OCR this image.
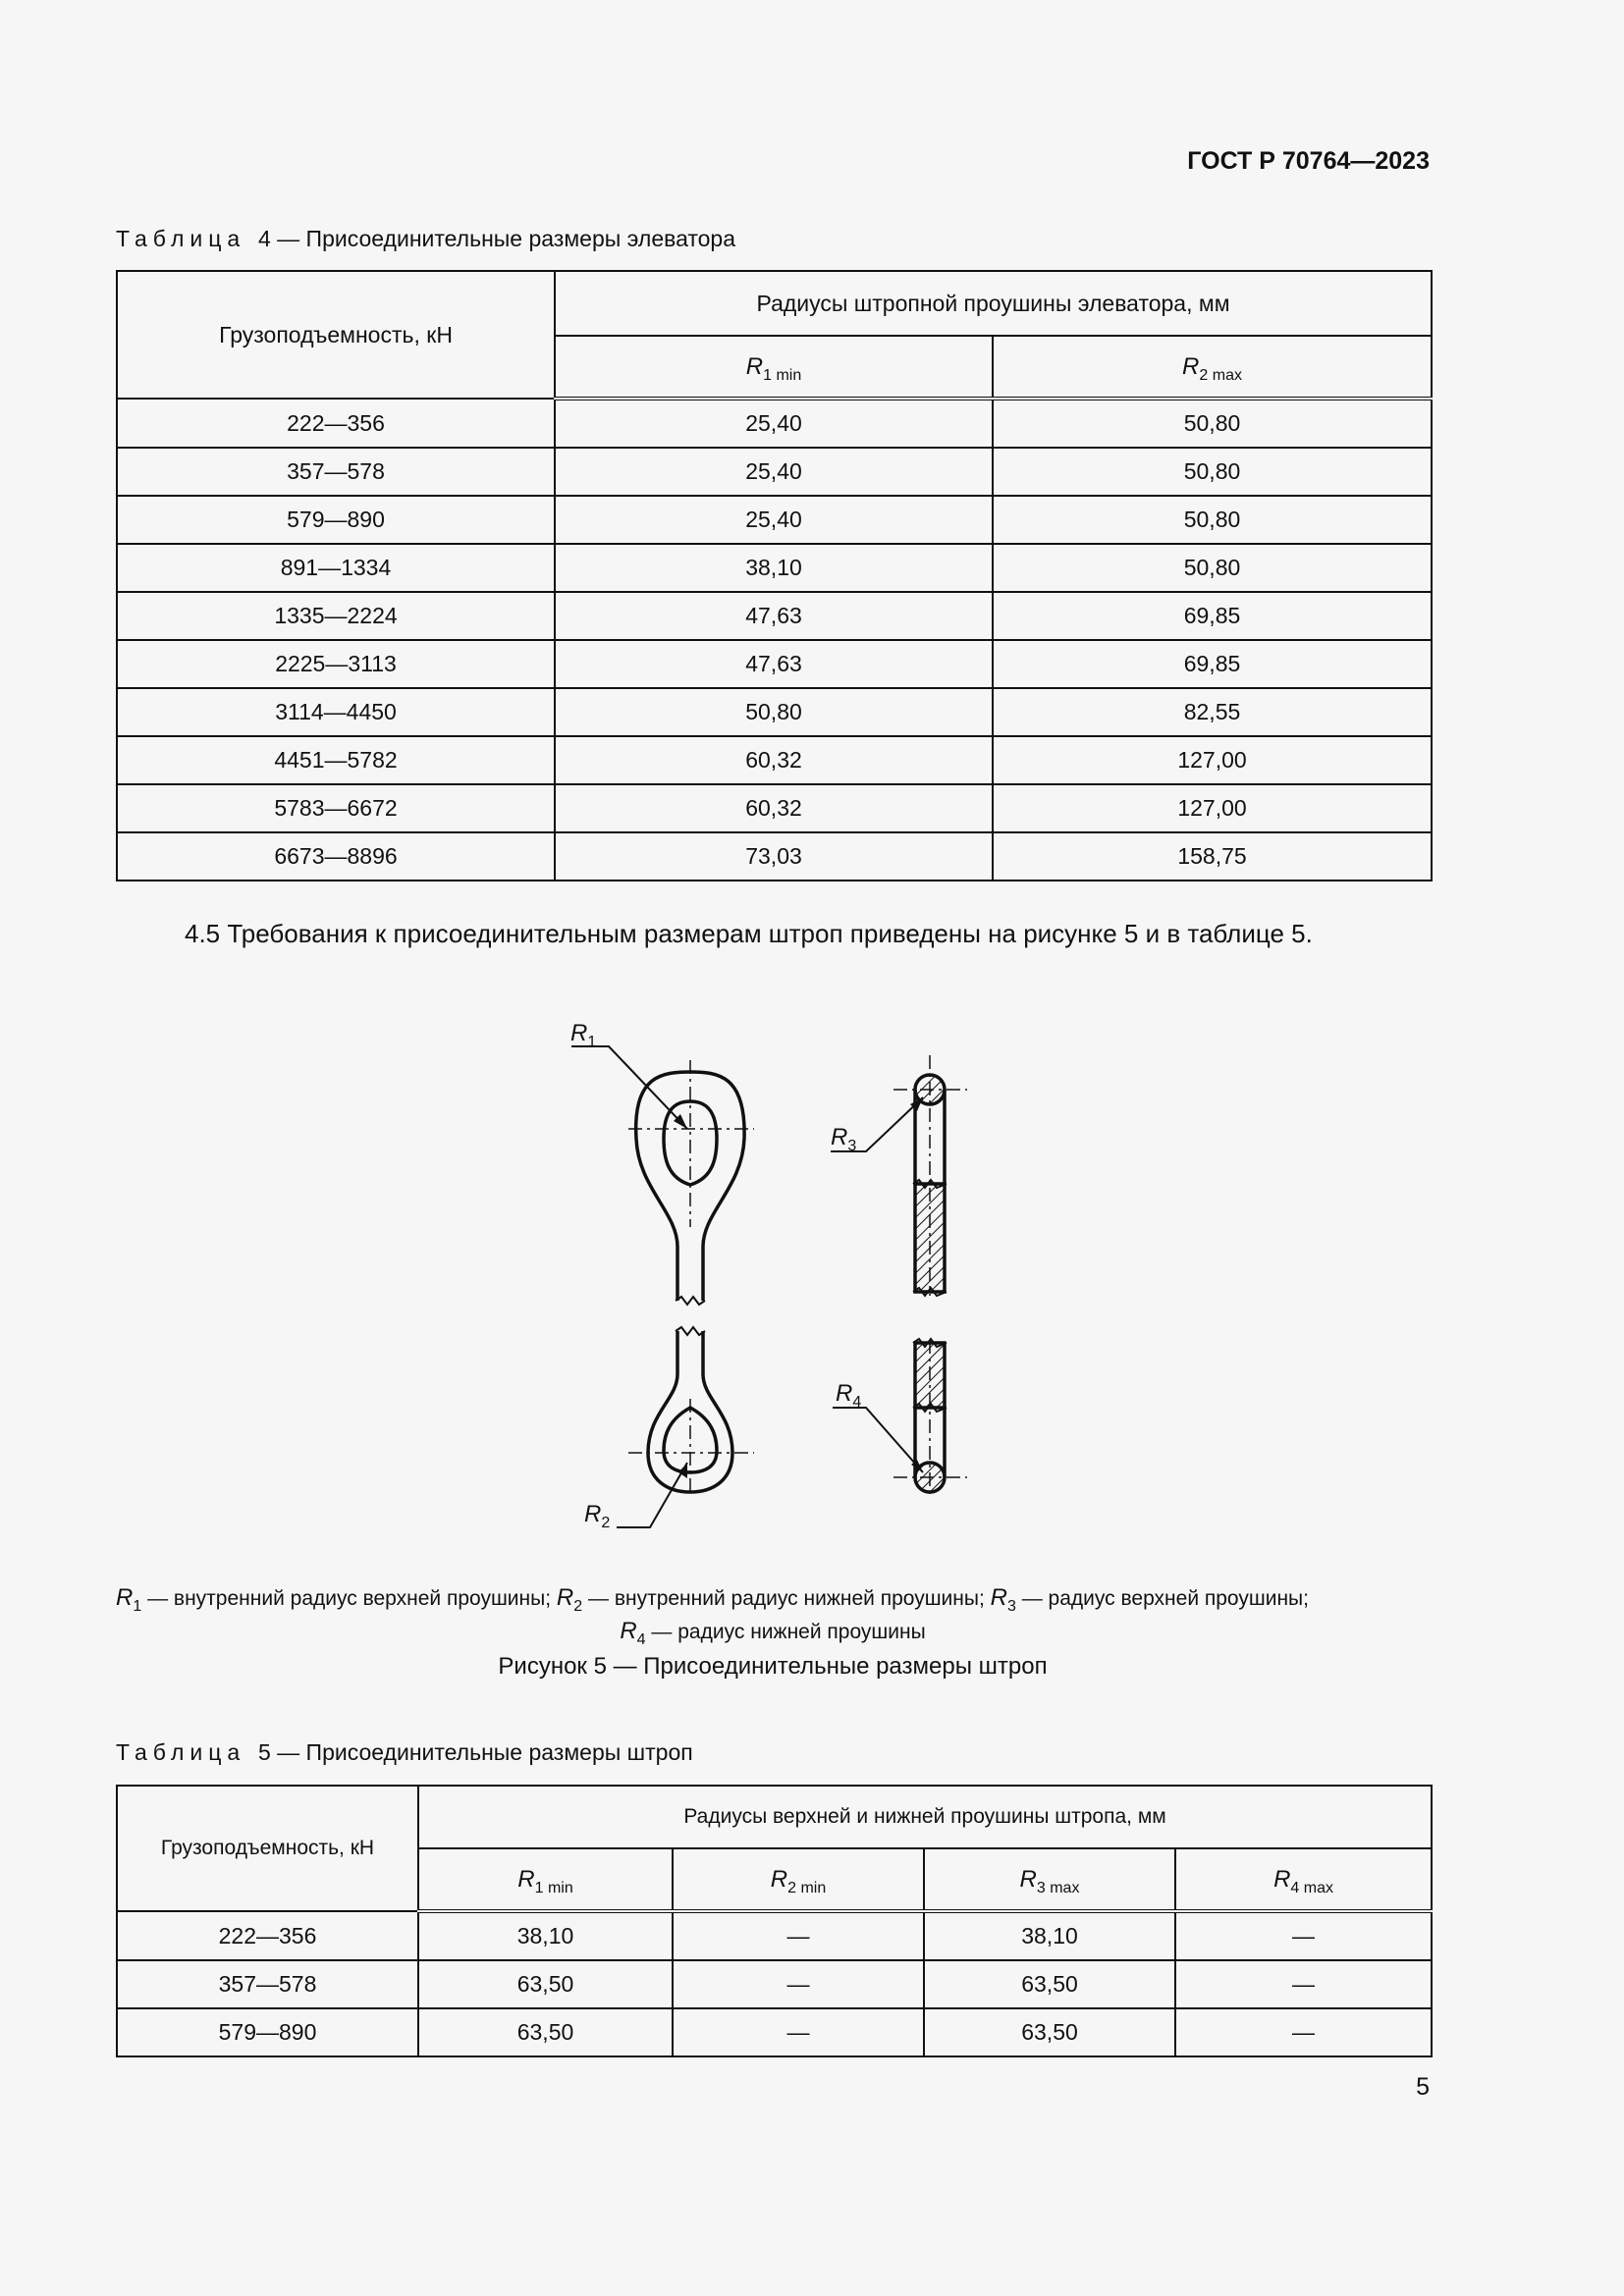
ГОСТ Р 70764—2023
Таблица 4 — Присоединительные размеры элеватора
Грузоподъемность, кН	Радиусы штропной проушины элеватора, мм	
	$R_{1 min}$	$R_{2 max}$
222—356	25,40	50,80
357—578	25,40	50,80
579—890	25,40	50,80
891—1334	38,10	50,80
1335—2224	47,63	69,85
2225—3113	47,63	69,85
3114—4450	50,80	82,55
4451—5782	60,32	127,00
5783—6672	60,32	127,00
6673—8896	73,03	158,75
4.5 Требования к присоединительным размерам штроп приведены на рисунке 5 и в таблице 5.
$R_1$
$R_2$
$R_3$
$R_4$
$R_1$ — внутренний радиус верхней проушины; $R_2$ — внутренний радиус нижней проушины; $R_3$ — радиус верхней проушины;
$R_4$ — радиус нижней проушины
Рисунок 5 — Присоединительные размеры штроп
Таблица 5 — Присоединительные размеры штроп
Грузоподъемность, кН	Радиусы верхней и нижней проушины штропа, мм			
	$R_{1 min}$	$R_{2 min}$	$R_{3 max}$	$R_{4 max}$
222—356	38,10	—	38,10	—
357—578	63,50	—	63,50	—
579—890	63,50	—	63,50	—
5
